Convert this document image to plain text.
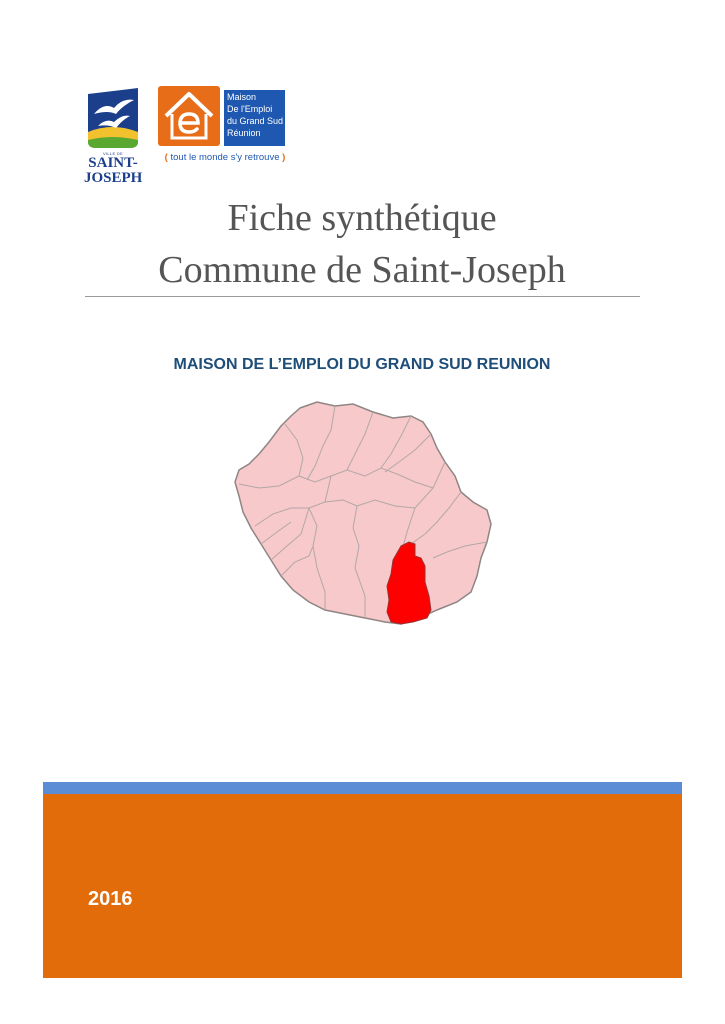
VILLE DE
SAINT-
JOSEPH
Maison
De l'Emploi
du Grand Sud
Réunion
( tout le monde s'y retrouve )
Fiche synthétique
Commune de Saint-Joseph
MAISON DE L’EMPLOI DU GRAND SUD REUNION
2016
